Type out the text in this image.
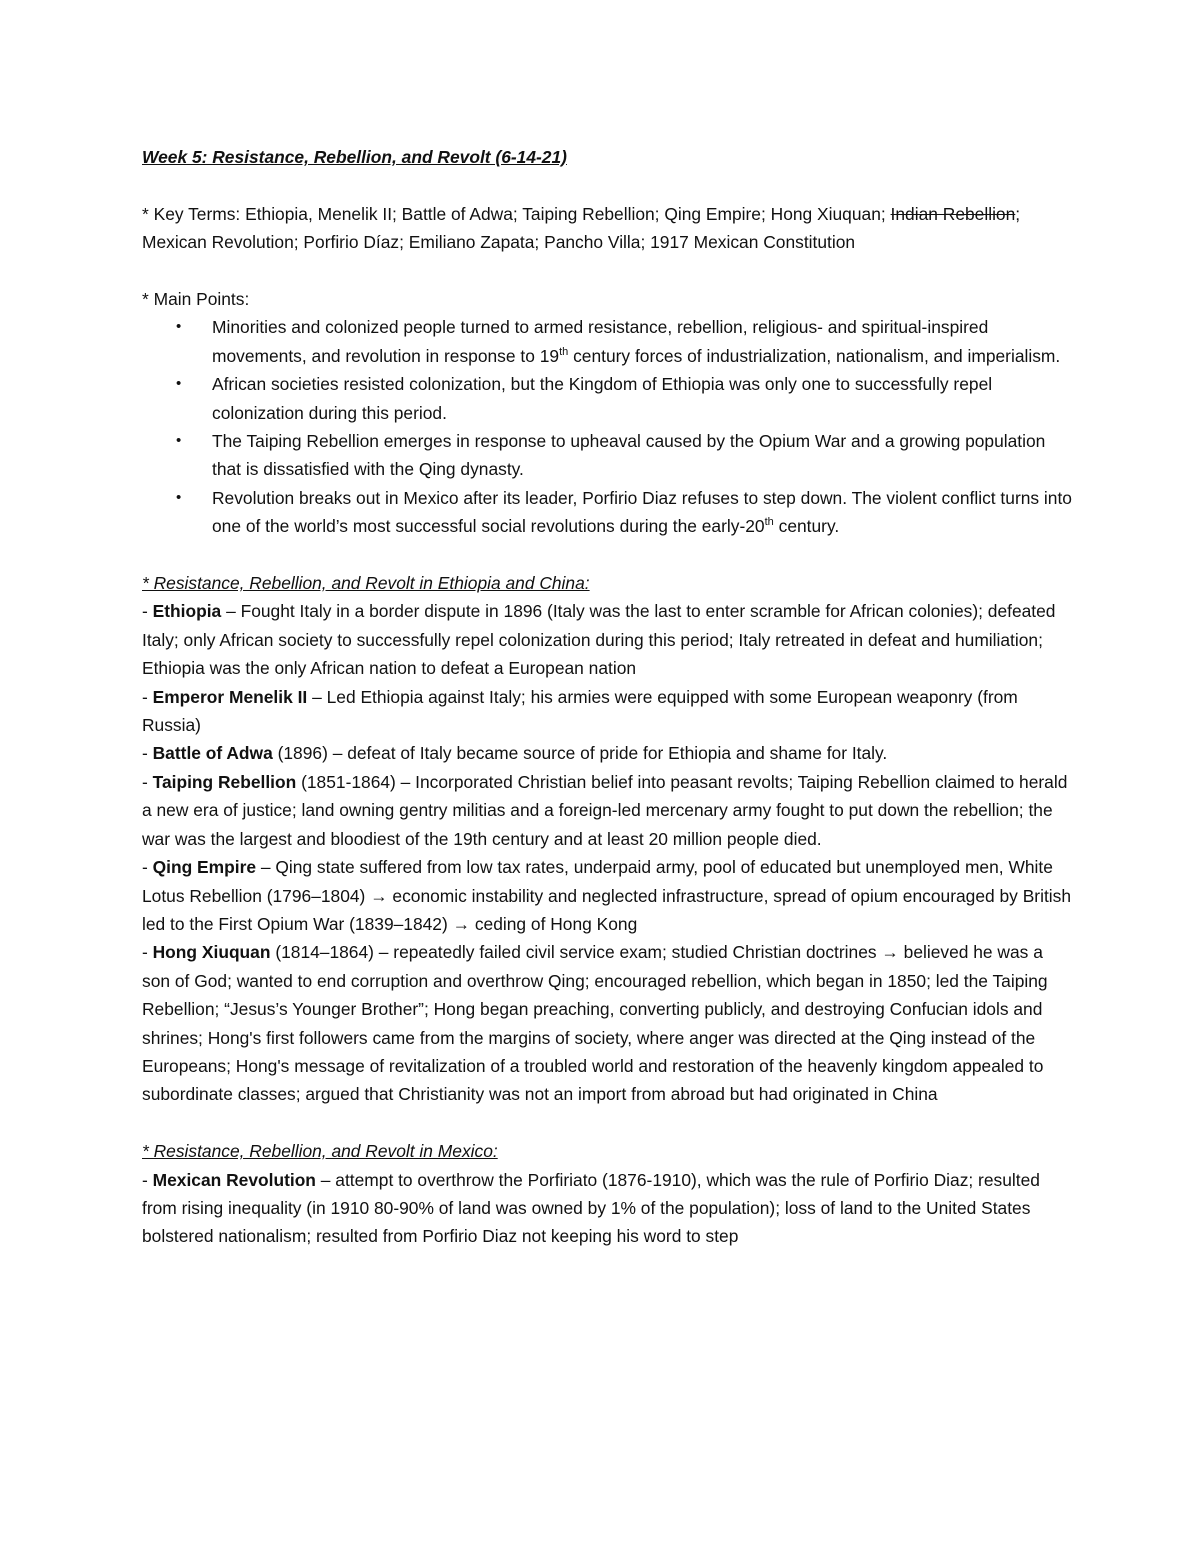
Week 5: Resistance, Rebellion, and Revolt (6-14-21)

* Key Terms: Ethiopia, Menelik II; Battle of Adwa; Taiping Rebellion; Qing Empire; Hong Xiuquan; Indian Rebellion; Mexican Revolution; Porfirio Díaz; Emiliano Zapata; Pancho Villa; 1917 Mexican Constitution

* Main Points:

• Minorities and colonized people turned to armed resistance, rebellion, religious- and spiritual-inspired movements, and revolution in response to 19th century forces of industrialization, nationalism, and imperialism.
• African societies resisted colonization, but the Kingdom of Ethiopia was only one to successfully repel colonization during this period.
• The Taiping Rebellion emerges in response to upheaval caused by the Opium War and a growing population that is dissatisfied with the Qing dynasty.
• Revolution breaks out in Mexico after its leader, Porfirio Diaz refuses to step down. The violent conflict turns into one of the world’s most successful social revolutions during the early-20th century.

* Resistance, Rebellion, and Revolt in Ethiopia and China:

- Ethiopia – Fought Italy in a border dispute in 1896 (Italy was the last to enter scramble for African colonies); defeated Italy; only African society to successfully repel colonization during this period; Italy retreated in defeat and humiliation; Ethiopia was the only African nation to defeat a European nation

- Emperor Menelik II – Led Ethiopia against Italy; his armies were equipped with some European weaponry (from Russia)

- Battle of Adwa (1896) – defeat of Italy became source of pride for Ethiopia and shame for Italy.

- Taiping Rebellion (1851-1864) – Incorporated Christian belief into peasant revolts; Taiping Rebellion claimed to herald a new era of justice; land owning gentry militias and a foreign-led mercenary army fought to put down the rebellion; the war was the largest and bloodiest of the 19th century and at least 20 million people died.

- Qing Empire – Qing state suffered from low tax rates, underpaid army, pool of educated but unemployed men, White Lotus Rebellion (1796–1804) → economic instability and neglected infrastructure, spread of opium encouraged by British led to the First Opium War (1839–1842) → ceding of Hong Kong

- Hong Xiuquan (1814–1864) – repeatedly failed civil service exam; studied Christian doctrines → believed he was a son of God; wanted to end corruption and overthrow Qing; encouraged rebellion, which began in 1850; led the Taiping Rebellion; “Jesus’s Younger Brother”; Hong began preaching, converting publicly, and destroying Confucian idols and shrines; Hong's first followers came from the margins of society, where anger was directed at the Qing instead of the Europeans; Hong's message of revitalization of a troubled world and restoration of the heavenly kingdom appealed to subordinate classes; argued that Christianity was not an import from abroad but had originated in China

* Resistance, Rebellion, and Revolt in Mexico:

- Mexican Revolution – attempt to overthrow the Porfiriato (1876-1910), which was the rule of Porfirio Diaz; resulted from rising inequality (in 1910 80-90% of land was owned by 1% of the population); loss of land to the United States bolstered nationalism; resulted from Porfirio Diaz not keeping his word to step
